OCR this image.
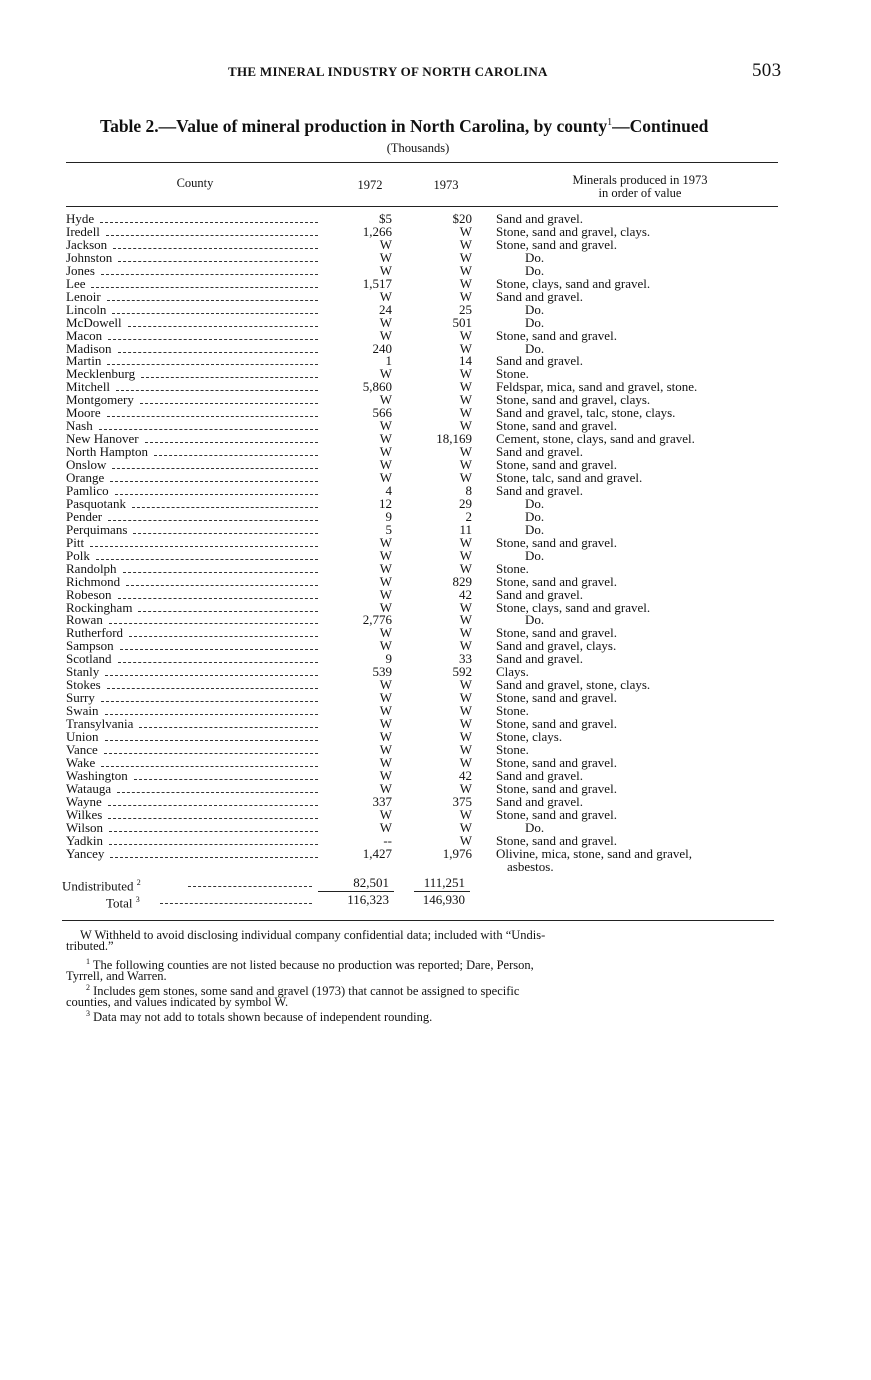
THE MINERAL INDUSTRY OF NORTH CAROLINA	503
Table 2.—Value of mineral production in North Carolina, by county$^1$—Continued
(Thousands)
County	1972	1973	Minerals produced in 1973
in order of value
Hyde	$5	$20 Sand and gravel.
Iredell	1,266	W Stone, sand and gravel, clays.
Jackson	W	W Stone, sand and gravel.
Johnston	W	W	Do.
Jones	W	W	Do.
Lee	1,517	W Stone, clays, sand and gravel.
Lenoir	W	W Sand and gravel.
Lincoln	24	25	Do.
McDowell	W	501	Do.
Macon	W	W Stone, sand and gravel.
Madison	240	W	Do.
Martin	1	14 Sand and gravel.
Mecklenburg	W	W Stone.
Mitchell	5,860	W Feldspar, mica, sand and gravel, stone.
Montgomery	W	W Stone, sand and gravel, clays.
Moore	566	W Sand and gravel, talc, stone, clays.
Nash	W	W Stone, sand and gravel.
New Hanover	W	18,169 Cement, stone, clays, sand and gravel.
North Hampton	W	W Sand and gravel.
Onslow	W	W Stone, sand and gravel.
Orange	W	W Stone, talc, sand and gravel.
Pamlico	4	8 Sand and gravel.
Pasquotank	12	29	Do.
Pender	9	2	Do.
Perquimans	5	11	Do.
Pitt	W	W Stone, sand and gravel.
Polk	W	W	Do.
Randolph	W	W Stone.
Richmond	W	829 Stone, sand and gravel.
Robeson	W	42 Sand and gravel.
Rockingham	W	W Stone, clays, sand and gravel.
Rowan	2,776	W	Do.
Rutherford	W	W Stone, sand and gravel.
Sampson	W	W Sand and gravel, clays.
Scotland	9	33 Sand and gravel.
Stanly	539	592 Clays.
Stokes	W	W Sand and gravel, stone, clays.
Surry	W	W Stone, sand and gravel.
Swain	W	W Stone.
Transylvania	W	W Stone, sand and gravel.
Union	W	W Stone, clays.
Vance	W	W Stone.
Wake	W	W Stone, sand and gravel.
Washington	W	42 Sand and gravel.
Watauga	W	W Stone, sand and gravel.
Wayne	337	375 Sand and gravel.
Wilkes	W	W Stone, sand and gravel.
Wilson	W	W	Do.
Yadkin	--	W Stone, sand and gravel.
Yancey	1,427	1,976 Olivine, mica, stone, sand and gravel,
asbestos.
Undistributed $^2$	82,501	111,251
Total $^3$	116,323	146,930
W Withheld to avoid disclosing individual company confidential data; included with “Undis-
tributed.”
$^1$ The following counties are not listed because no production was reported; Dare, Person,
Tyrrell, and Warren.
$^2$ Includes gem stones, some sand and gravel (1973) that cannot be assigned to specific
counties, and values indicated by symbol W.
$^3$ Data may not add to totals shown because of independent rounding.
